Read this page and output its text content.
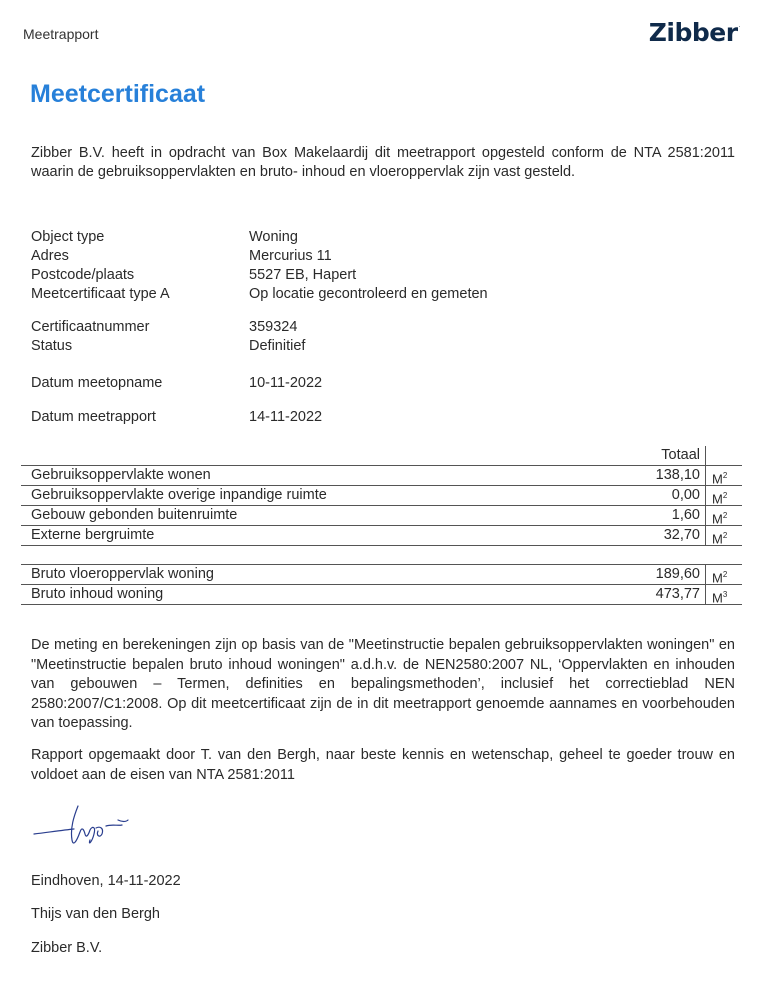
Meetrapport	Zibber.
Meetcertificaat
Zibber B.V. heeft in opdracht van Box Makelaardij dit meetrapport opgesteld conform de NTA 2581:2011 waarin de gebruiksoppervlakten en bruto- inhoud en vloeroppervlak zijn vast gesteld.
Object type	Woning
Adres	Mercurius 11
Postcode/plaats	5527 EB, Hapert
Meetcertificaat type A	Op locatie gecontroleerd en gemeten
Certificaatnummer	359324
Status	Definitief
Datum meetopname	10-11-2022
Datum meetrapport	14-11-2022
Totaal
Gebruiksoppervlakte wonen	138,10 $M^2$
Gebruiksoppervlakte overige inpandige ruimte	0,00 $M^2$
Gebouw gebonden buitenruimte	1,60 $M^2$
Externe bergruimte	32,70 $M^2$
Bruto vloeroppervlak woning	189,60 $M^2$
Bruto inhoud woning	473,77 $M^3$
De meting en berekeningen zijn op basis van de "Meetinstructie bepalen gebruiksoppervlakten woningen" en "Meetinstructie bepalen bruto inhoud woningen" a.d.h.v. de NEN2580:2007 NL, ‘Oppervlakten en inhouden van gebouwen – Termen, definities en bepalingsmethoden’, inclusief het correctieblad NEN 2580:2007/C1:2008. Op dit meetcertificaat zijn de in dit meetrapport genoemde aannames en voorbehouden van toepassing.
Rapport opgemaakt door T. van den Bergh, naar beste kennis en wetenschap, geheel te goeder trouw en voldoet aan de eisen van NTA 2581:2011
Eindhoven, 14-11-2022
Thijs van den Bergh
Zibber B.V.
